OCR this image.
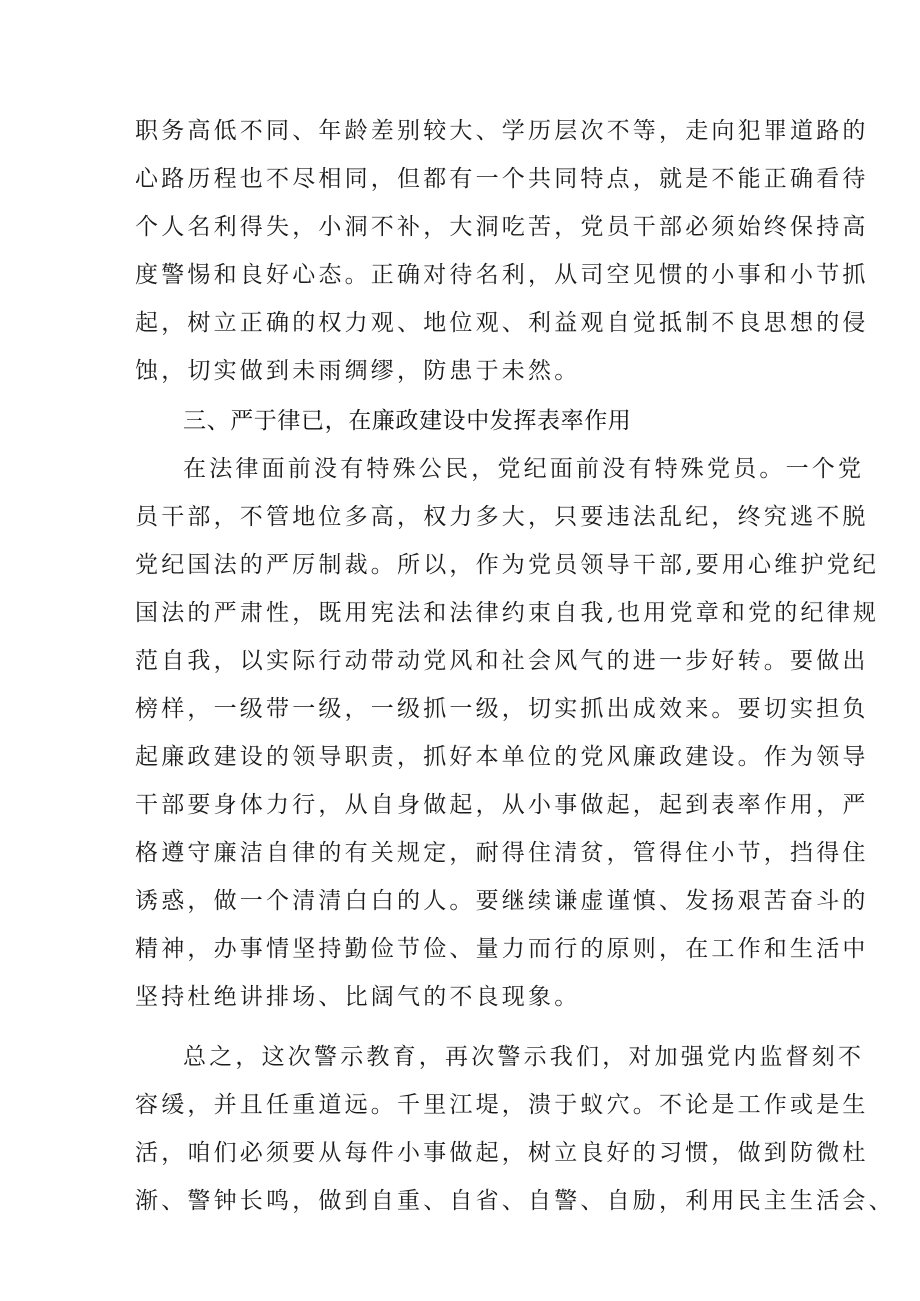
职务高低不同、年龄差别较大、学历层次不等，走向犯罪道路的
心路历程也不尽相同，但都有一个共同特点，就是不能正确看待
个人名利得失，小洞不补，大洞吃苦，党员干部必须始终保持高
度警惕和良好心态。正确对待名利，从司空见惯的小事和小节抓
起，树立正确的权力观、地位观、利益观自觉抵制不良思想的侵
蚀，切实做到未雨绸缪，防患于未然。
三、严于律已，在廉政建设中发挥表率作用
在法律面前没有特殊公民，党纪面前没有特殊党员。一个党
员干部，不管地位多高，权力多大，只要违法乱纪，终究逃不脱
党纪国法的严厉制裁。所以，作为党员领导干部,要用心维护党纪
国法的严肃性，既用宪法和法律约束自我,也用党章和党的纪律规
范自我，以实际行动带动党风和社会风气的进一步好转。要做出
榜样，一级带一级，一级抓一级，切实抓出成效来。要切实担负
起廉政建设的领导职责，抓好本单位的党风廉政建设。作为领导
干部要身体力行，从自身做起，从小事做起，起到表率作用，严
格遵守廉洁自律的有关规定，耐得住清贫，管得住小节，挡得住
诱惑，做一个清清白白的人。要继续谦虚谨慎、发扬艰苦奋斗的
精神，办事情坚持勤俭节俭、量力而行的原则，在工作和生活中
坚持杜绝讲排场、比阔气的不良现象。
总之，这次警示教育，再次警示我们，对加强党内监督刻不
容缓，并且任重道远。千里江堤，溃于蚁穴。不论是工作或是生
活，咱们必须要从每件小事做起，树立良好的习惯，做到防微杜
渐、警钟长鸣，做到自重、自省、自警、自励，利用民主生活会、
